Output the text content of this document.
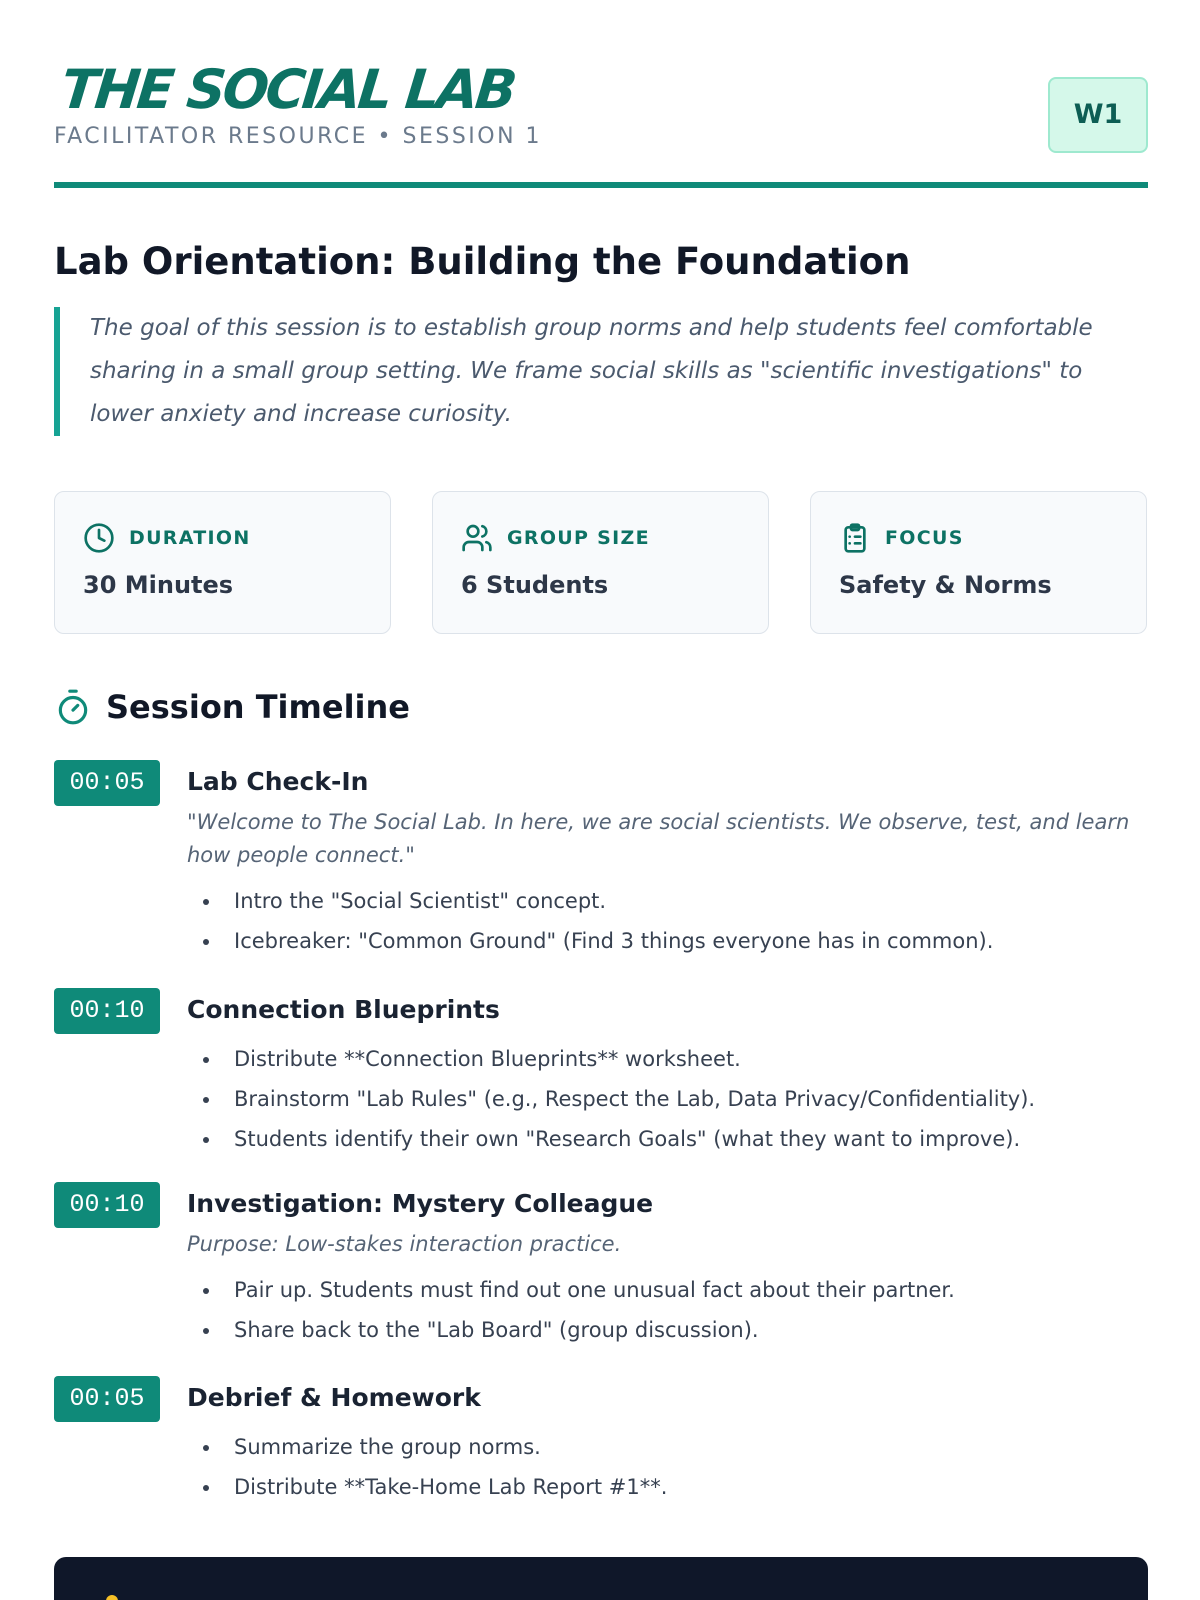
THE SOCIAL LAB
FACILITATOR RESOURCE • SESSION 1
W1
Lab Orientation: Building the Foundation
The goal of this session is to establish group norms and help students feel comfortable sharing in a small group setting. We frame social skills as "scientific investigations" to lower anxiety and increase curiosity.
DURATION
30 Minutes
GROUP SIZE
6 Students
FOCUS
Safety & Norms
Session Timeline
00:05	Lab Check-In
"Welcome to The Social Lab. In here, we are social scientists. We observe, test, and learn how people connect."
Intro the "Social Scientist" concept.
Icebreaker: "Common Ground" (Find 3 things everyone has in common).
00:10	Connection Blueprints
Distribute **Connection Blueprints** worksheet.
Brainstorm "Lab Rules" (e.g., Respect the Lab, Data Privacy/Confidentiality).
Students identify their own "Research Goals" (what they want to improve).
00:10	Investigation: Mystery Colleague
Purpose: Low-stakes interaction practice.
Pair up. Students must find out one unusual fact about their partner.
Share back to the "Lab Board" (group discussion).
00:05	Debrief & Homework
Summarize the group norms.
Distribute **Take-Home Lab Report #1**.
